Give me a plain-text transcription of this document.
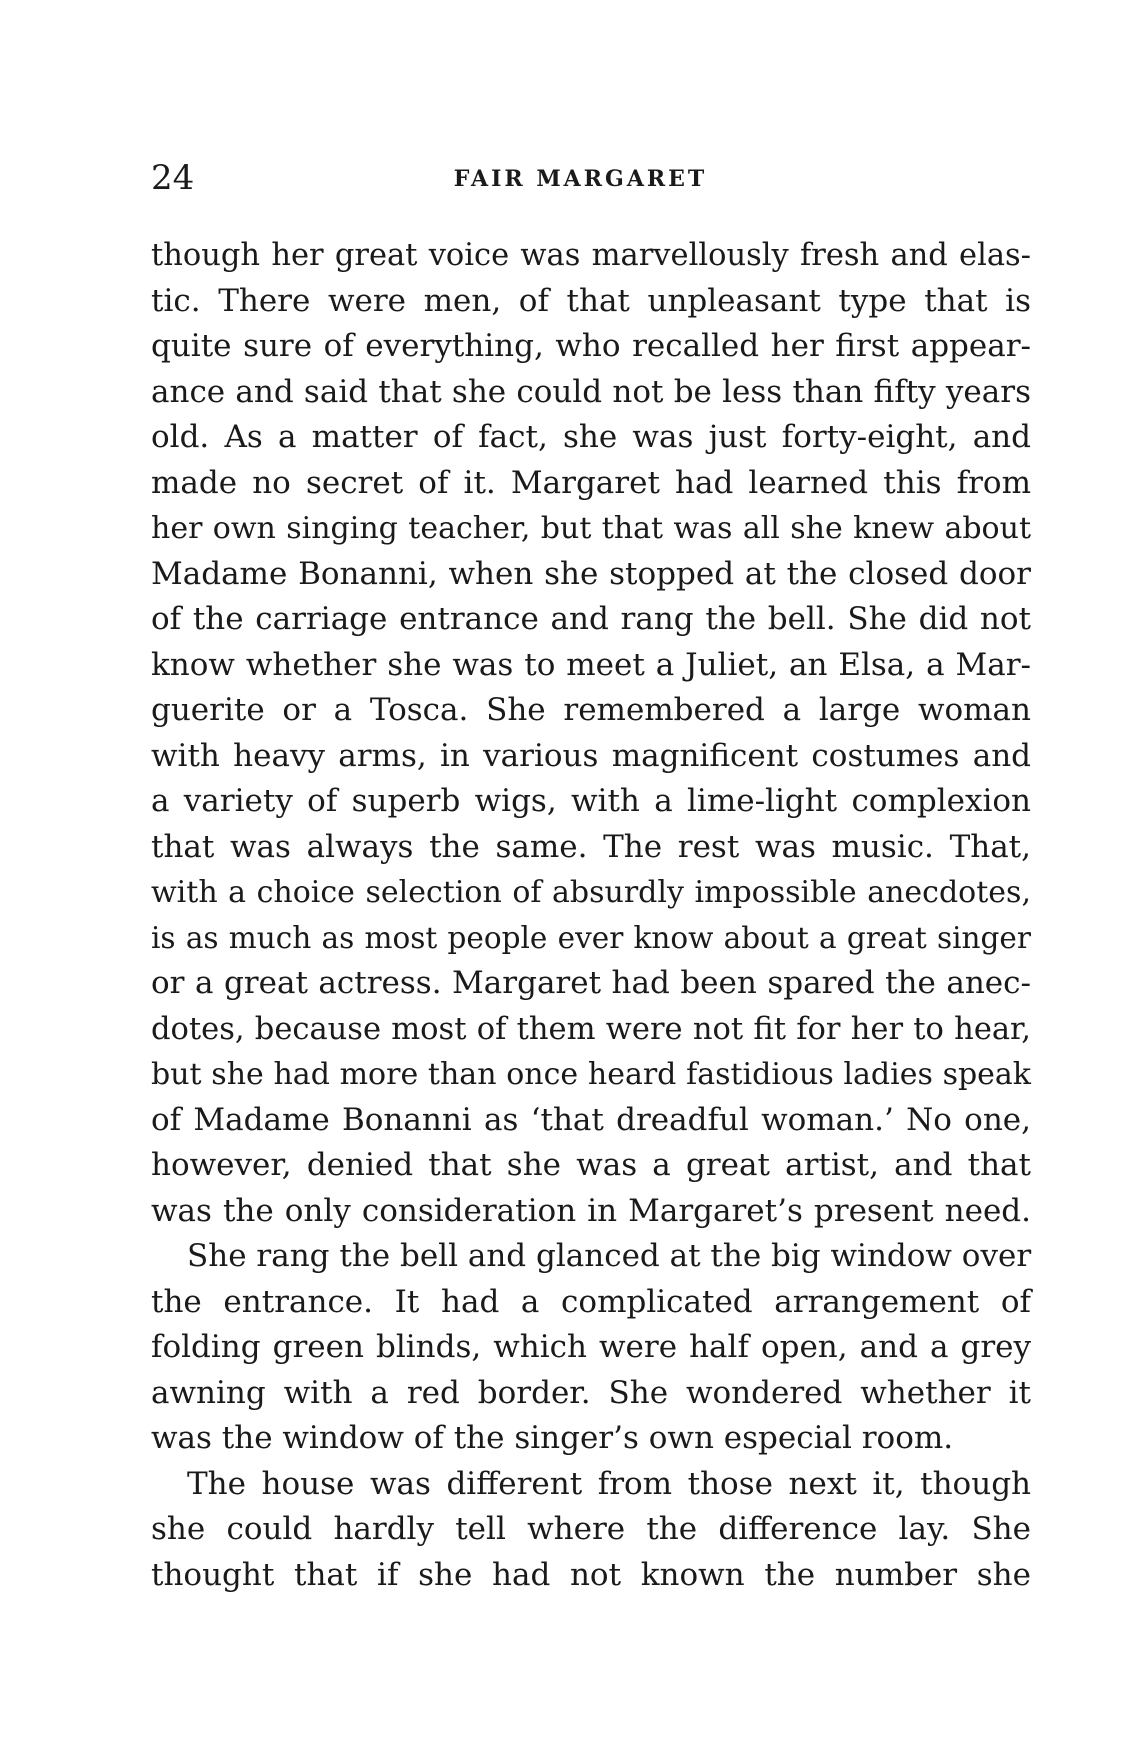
24	FAIR MARGARET
though her great voice was marvellously fresh and elas-
tic. There were men, of that unpleasant type that is
quite sure of everything, who recalled her first appear-
ance and said that she could not be less than fifty years
old. As a matter of fact, she was just forty-eight, and
made no secret of it. Margaret had learned this from
her own singing teacher, but that was all she knew about
Madame Bonanni, when she stopped at the closed door
of the carriage entrance and rang the bell. She did not
know whether she was to meet a Juliet, an Elsa, a Mar-
guerite or a Tosca. She remembered a large woman
with heavy arms, in various magnificent costumes and
a variety of superb wigs, with a lime-light complexion
that was always the same. The rest was music. That,
with a choice selection of absurdly impossible anecdotes,
is as much as most people ever know about a great singer
or a great actress. Margaret had been spared the anec-
dotes, because most of them were not fit for her to hear,
but she had more than once heard fastidious ladies speak
of Madame Bonanni as ‘that dreadful woman.’ No one,
however, denied that she was a great artist, and that
was the only consideration in Margaret’s present need.
She rang the bell and glanced at the big window over
the entrance. It had a complicated arrangement of
folding green blinds, which were half open, and a grey
awning with a red border. She wondered whether it
was the window of the singer’s own especial room.
The house was different from those next it, though
she could hardly tell where the difference lay. She
thought that if she had not known the number she
